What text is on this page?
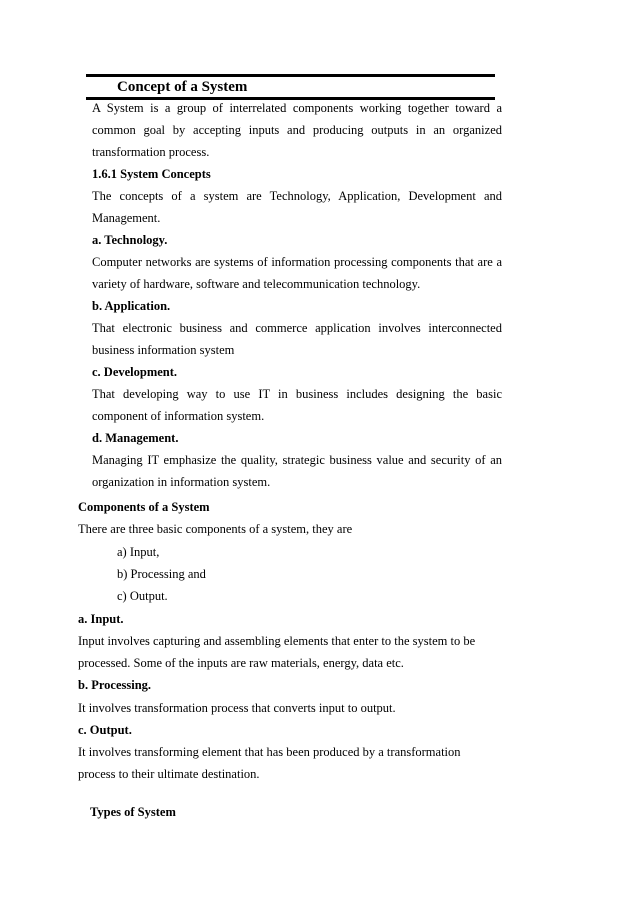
Concept of a System

A System is a group of interrelated components working together toward a common goal by accepting inputs and producing outputs in an organized transformation process.

1.6.1 System Concepts

The concepts of a system are Technology, Application, Development and Management.

a. Technology.

Computer networks are systems of information processing components that are a variety of hardware, software and telecommunication technology.

b. Application.

That electronic business and commerce application involves interconnected business information system

c. Development.

That developing way to use IT in business includes designing the basic component of information system.

d. Management.

Managing IT emphasize the quality, strategic business value and security of an organization in information system.

Components of a System
There are three basic components of a system, they are
a) Input,
b) Processing and
c) Output.
a. Input.
Input involves capturing and assembling elements that enter to the system to be
processed. Some of the inputs are raw materials, energy, data etc.
b. Processing.
It involves transformation process that converts input to output.
c. Output.
It involves transforming element that has been produced by a transformation
process to their ultimate destination.
Types of System
